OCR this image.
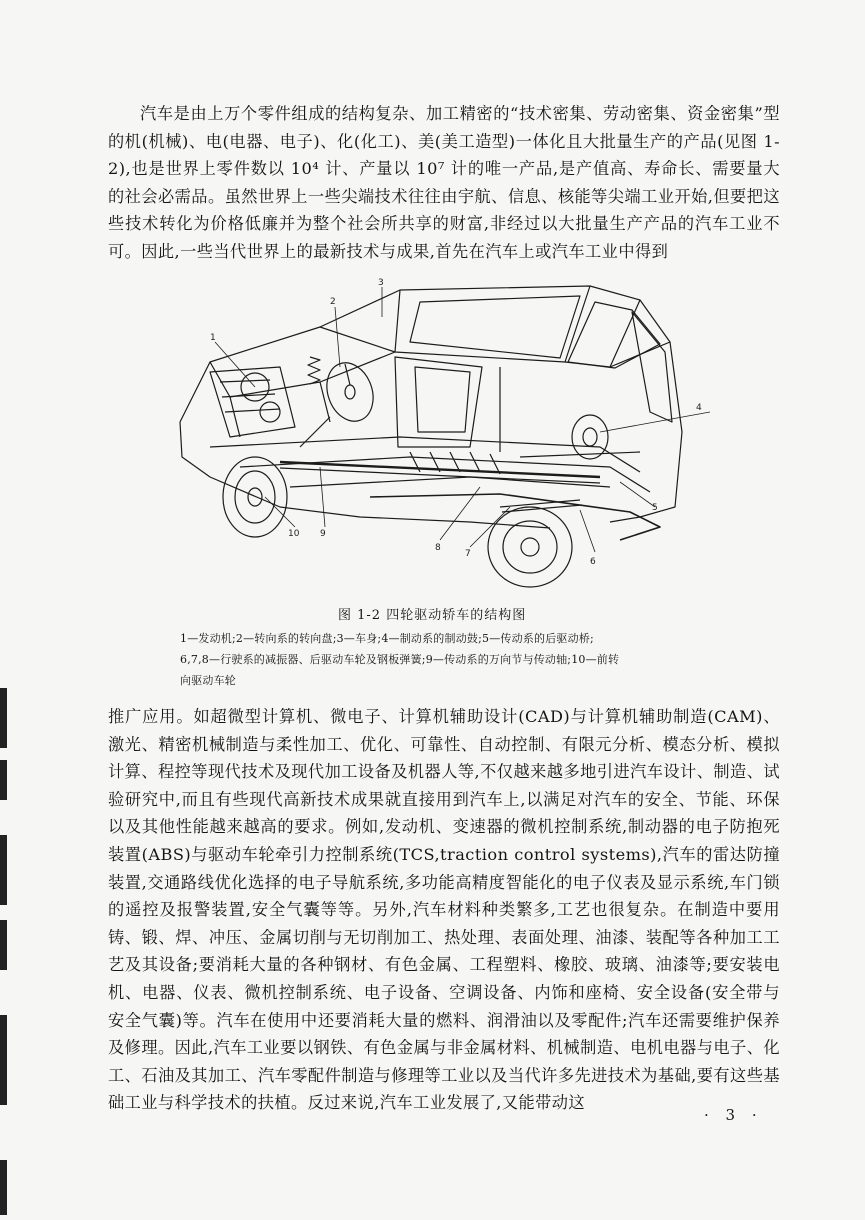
汽车是由上万个零件组成的结构复杂、加工精密的“技术密集、劳动密集、资金密集”型的机(机械)、电(电器、电子)、化(化工)、美(美工造型)一体化且大批量生产的产品(见图 1-2),也是世界上零件数以 10⁴ 计、产量以 10⁷ 计的唯一产品,是产值高、寿命长、需要量大的社会必需品。虽然世界上一些尖端技术往往由宇航、信息、核能等尖端工业开始,但要把这些技术转化为价格低廉并为整个社会所共享的财富,非经过以大批量生产产品的汽车工业不可。因此,一些当代世界上的最新技术与成果,首先在汽车上或汽车工业中得到

1
2
3
4
5
6
7
8
9
10
图 1-2 四轮驱动轿车的结构图
1—发动机;2—转向系的转向盘;3—车身;4—制动系的制动鼓;5—传动系的后驱动桥;
6,7,8—行驶系的减振器、后驱动车轮及钢板弹簧;9—传动系的万向节与传动轴;10—前转
向驱动车轮

推广应用。如超微型计算机、微电子、计算机辅助设计(CAD)与计算机辅助制造(CAM)、激光、精密机械制造与柔性加工、优化、可靠性、自动控制、有限元分析、模态分析、模拟计算、程控等现代技术及现代加工设备及机器人等,不仅越来越多地引进汽车设计、制造、试验研究中,而且有些现代高新技术成果就直接用到汽车上,以满足对汽车的安全、节能、环保以及其他性能越来越高的要求。例如,发动机、变速器的微机控制系统,制动器的电子防抱死装置(ABS)与驱动车轮牵引力控制系统(TCS,traction control systems),汽车的雷达防撞装置,交通路线优化选择的电子导航系统,多功能高精度智能化的电子仪表及显示系统,车门锁的遥控及报警装置,安全气囊等等。另外,汽车材料种类繁多,工艺也很复杂。在制造中要用铸、锻、焊、冲压、金属切削与无切削加工、热处理、表面处理、油漆、装配等各种加工工艺及其设备;要消耗大量的各种钢材、有色金属、工程塑料、橡胶、玻璃、油漆等;要安装电机、电器、仪表、微机控制系统、电子设备、空调设备、内饰和座椅、安全设备(安全带与安全气囊)等。汽车在使用中还要消耗大量的燃料、润滑油以及零配件;汽车还需要维护保养及修理。因此,汽车工业要以钢铁、有色金属与非金属材料、机械制造、电机电器与电子、化工、石油及其加工、汽车零配件制造与修理等工业以及当代许多先进技术为基础,要有这些基础工业与科学技术的扶植。反过来说,汽车工业发展了,又能带动这

· 3 ·
